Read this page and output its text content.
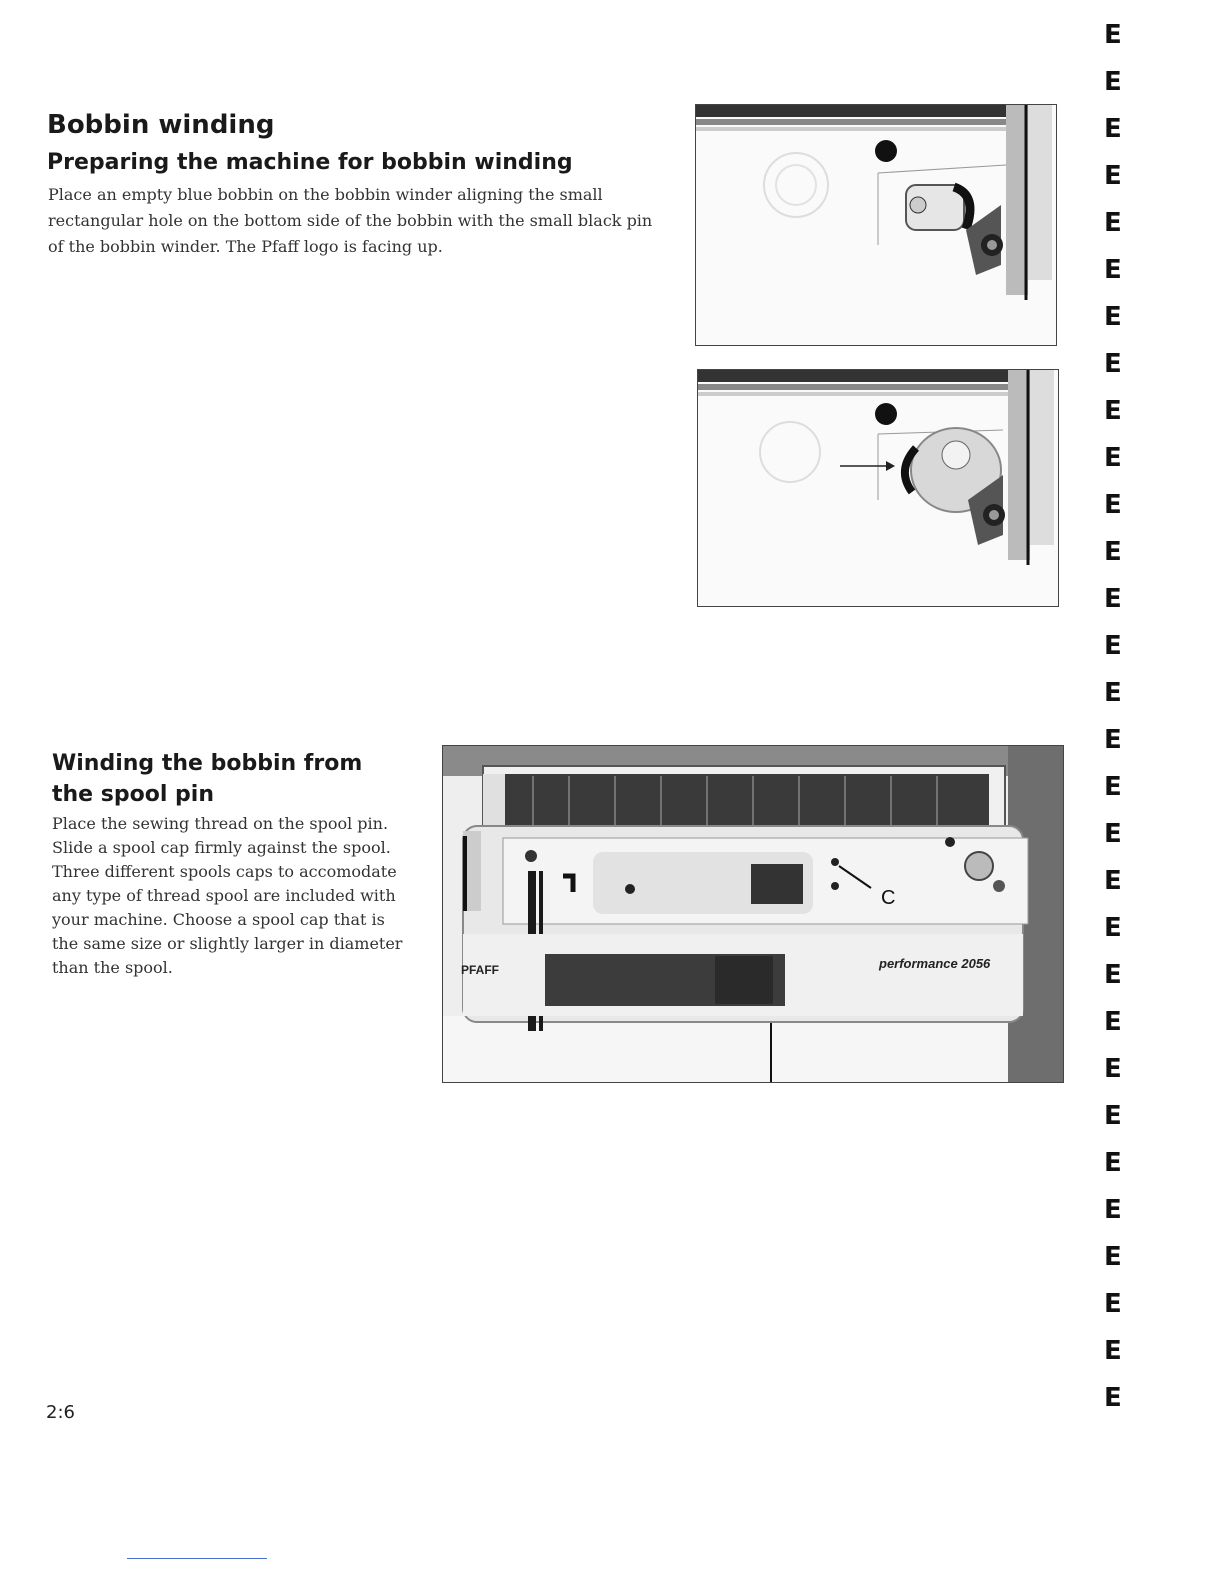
Bobbin winding
Preparing the machine for bobbin winding

Place an empty blue bobbin on the bobbin winder aligning the small rectangular hole on the bottom side of the bobbin with the small black pin of the bobbin winder. The Pfaff logo is facing up.

Winding the bobbin from the spool pin

Place the sewing thread on the spool pin. Slide a spool cap firmly against the spool. Three different spools caps to accomodate any type of thread spool are included with your machine. Choose a spool cap that is the same size or slightly larger in diameter than the spool.

C
PFAFF	performance 2056
2:6
E
E
E
E
E
E
E
E
E
E
E
E
E
E
E
E
E
E
E
E
E
E
E
E
E
E
E
E
E
E
